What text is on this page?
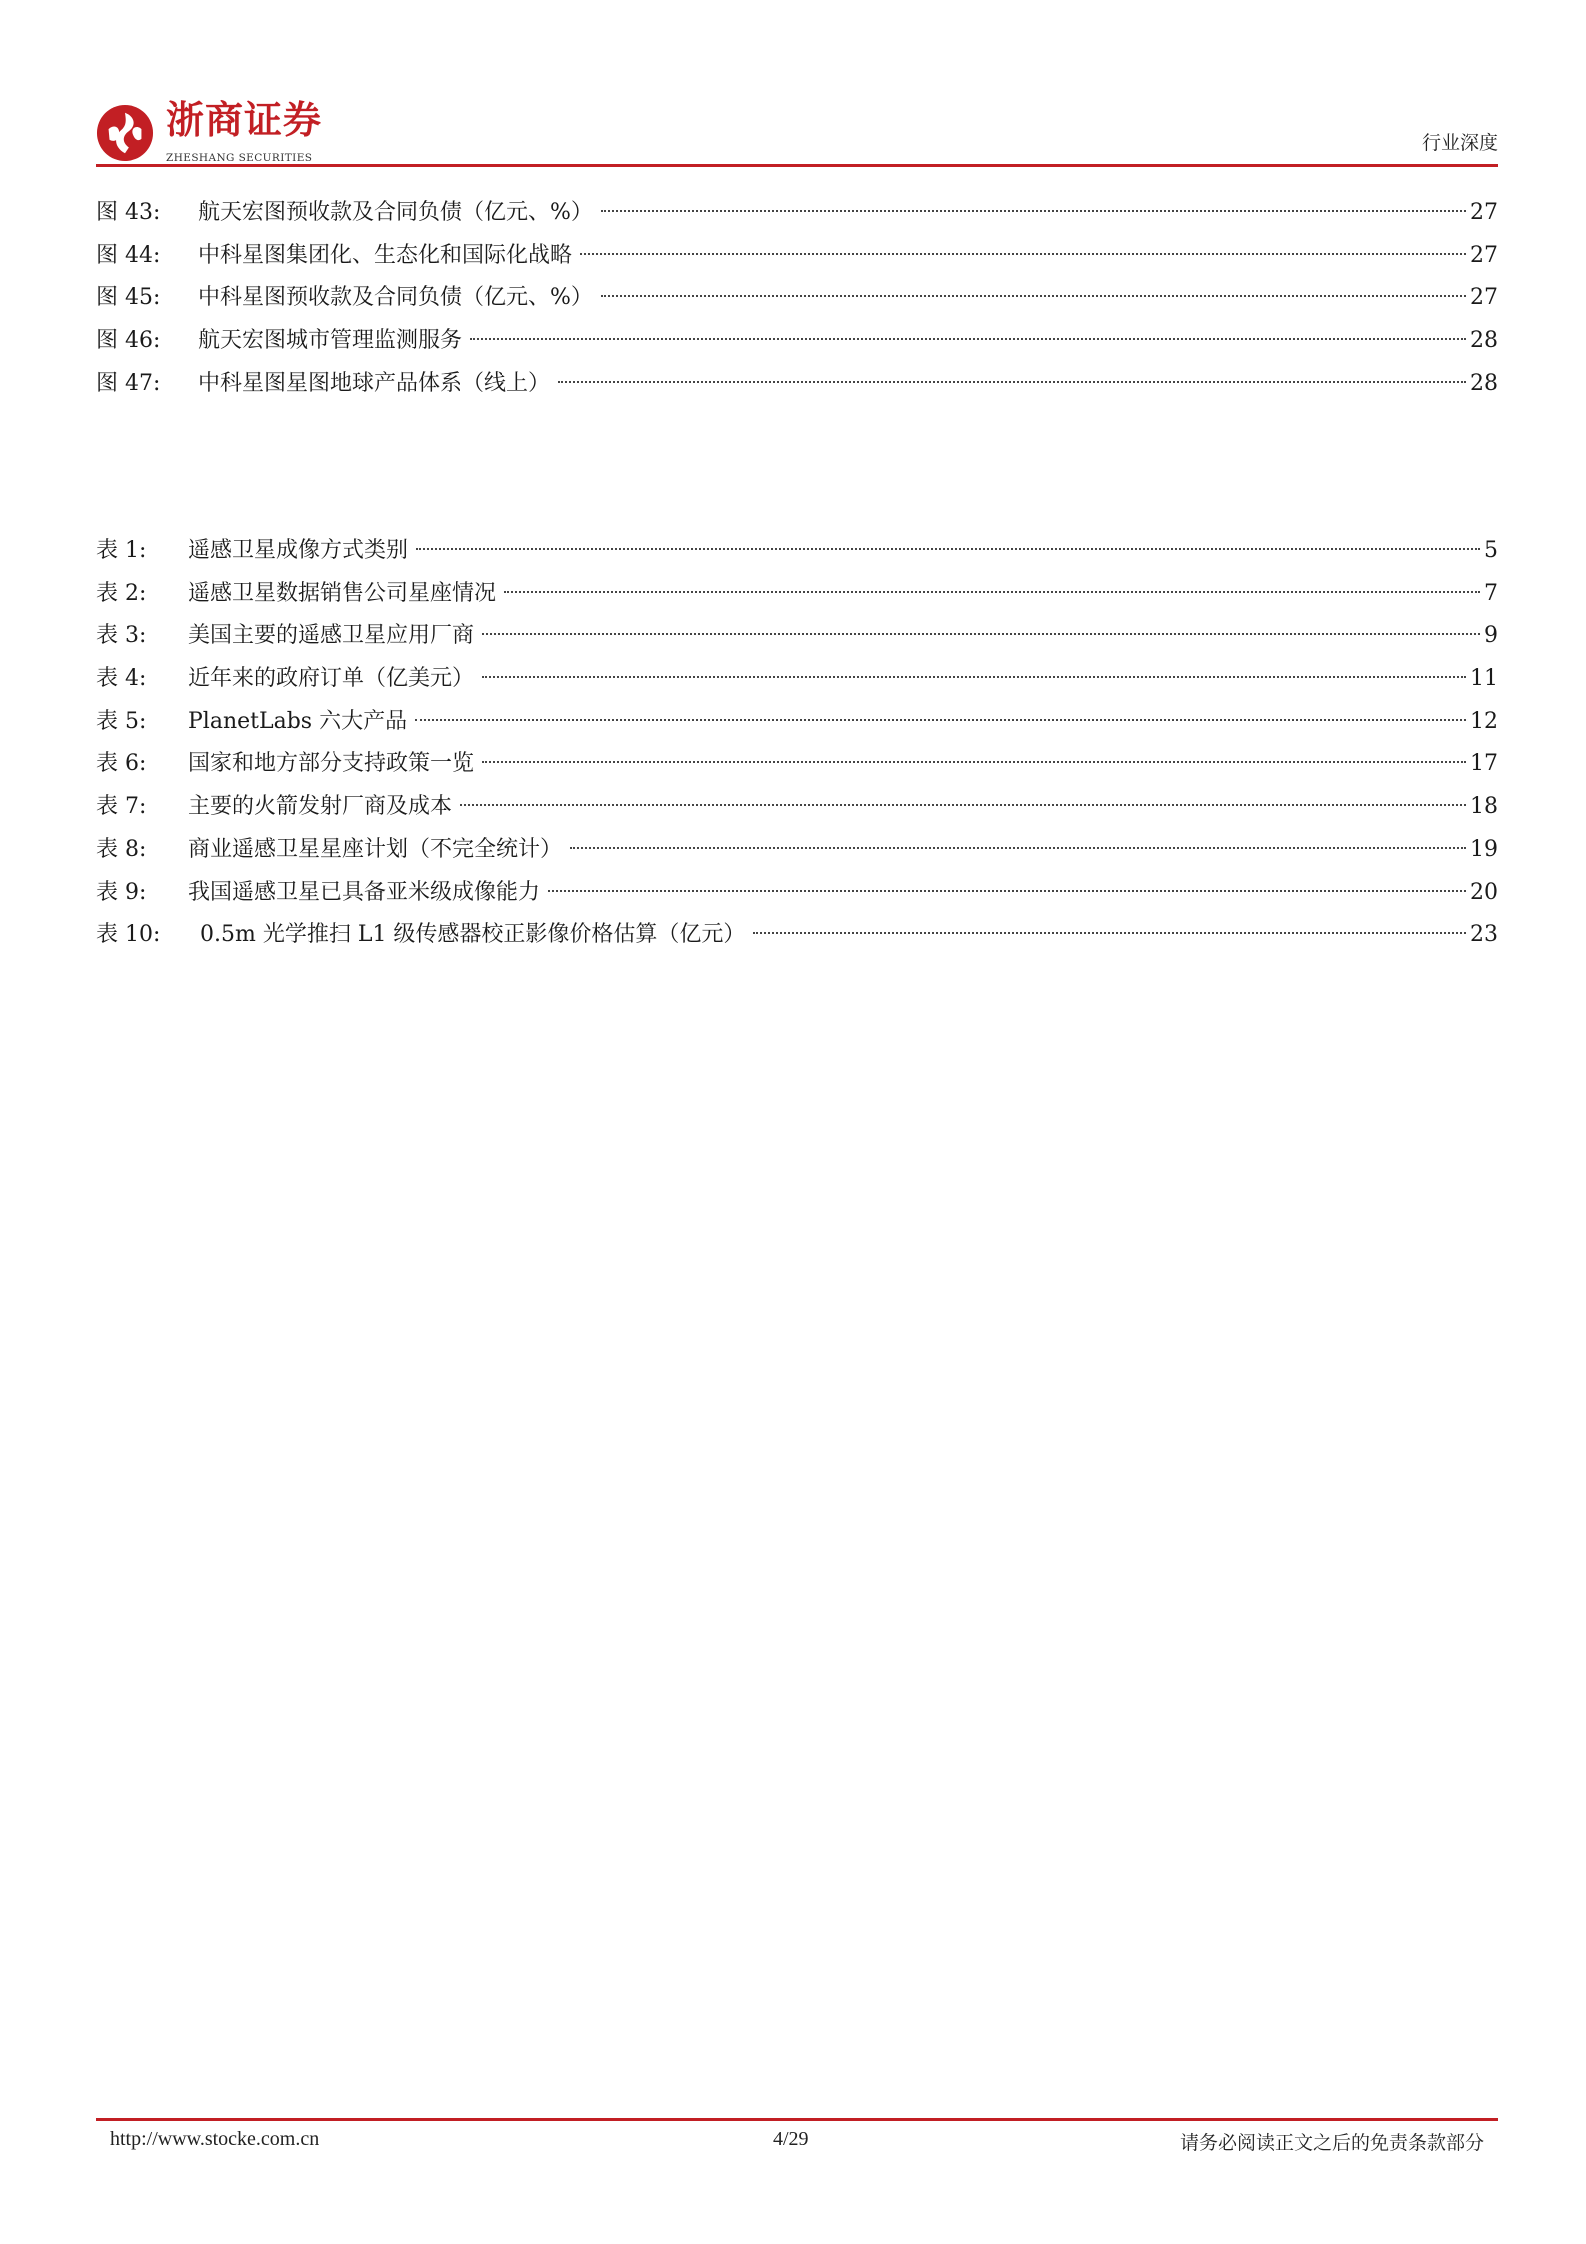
浙商证券
ZHESHANG SECURITIES
行业深度
图 43:	航天宏图预收款及合同负债（亿元、%）	27
图 44:	中科星图集团化、生态化和国际化战略	27
图 45:	中科星图预收款及合同负债（亿元、%）	27
图 46:	航天宏图城市管理监测服务	28
图 47:	中科星图星图地球产品体系（线上）	28
表 1:	遥感卫星成像方式类别	5
表 2:	遥感卫星数据销售公司星座情况	7
表 3:	美国主要的遥感卫星应用厂商	9
表 4:	近年来的政府订单（亿美元）	11
表 5:	PlanetLabs 六大产品	12
表 6:	国家和地方部分支持政策一览	17
表 7:	主要的火箭发射厂商及成本	18
表 8:	商业遥感卫星星座计划（不完全统计）	19
表 9:	我国遥感卫星已具备亚米级成像能力	20
表 10:	0.5m 光学推扫 L1 级传感器校正影像价格估算（亿元）	23
http://www.stocke.com.cn	4/29	请务必阅读正文之后的免责条款部分
